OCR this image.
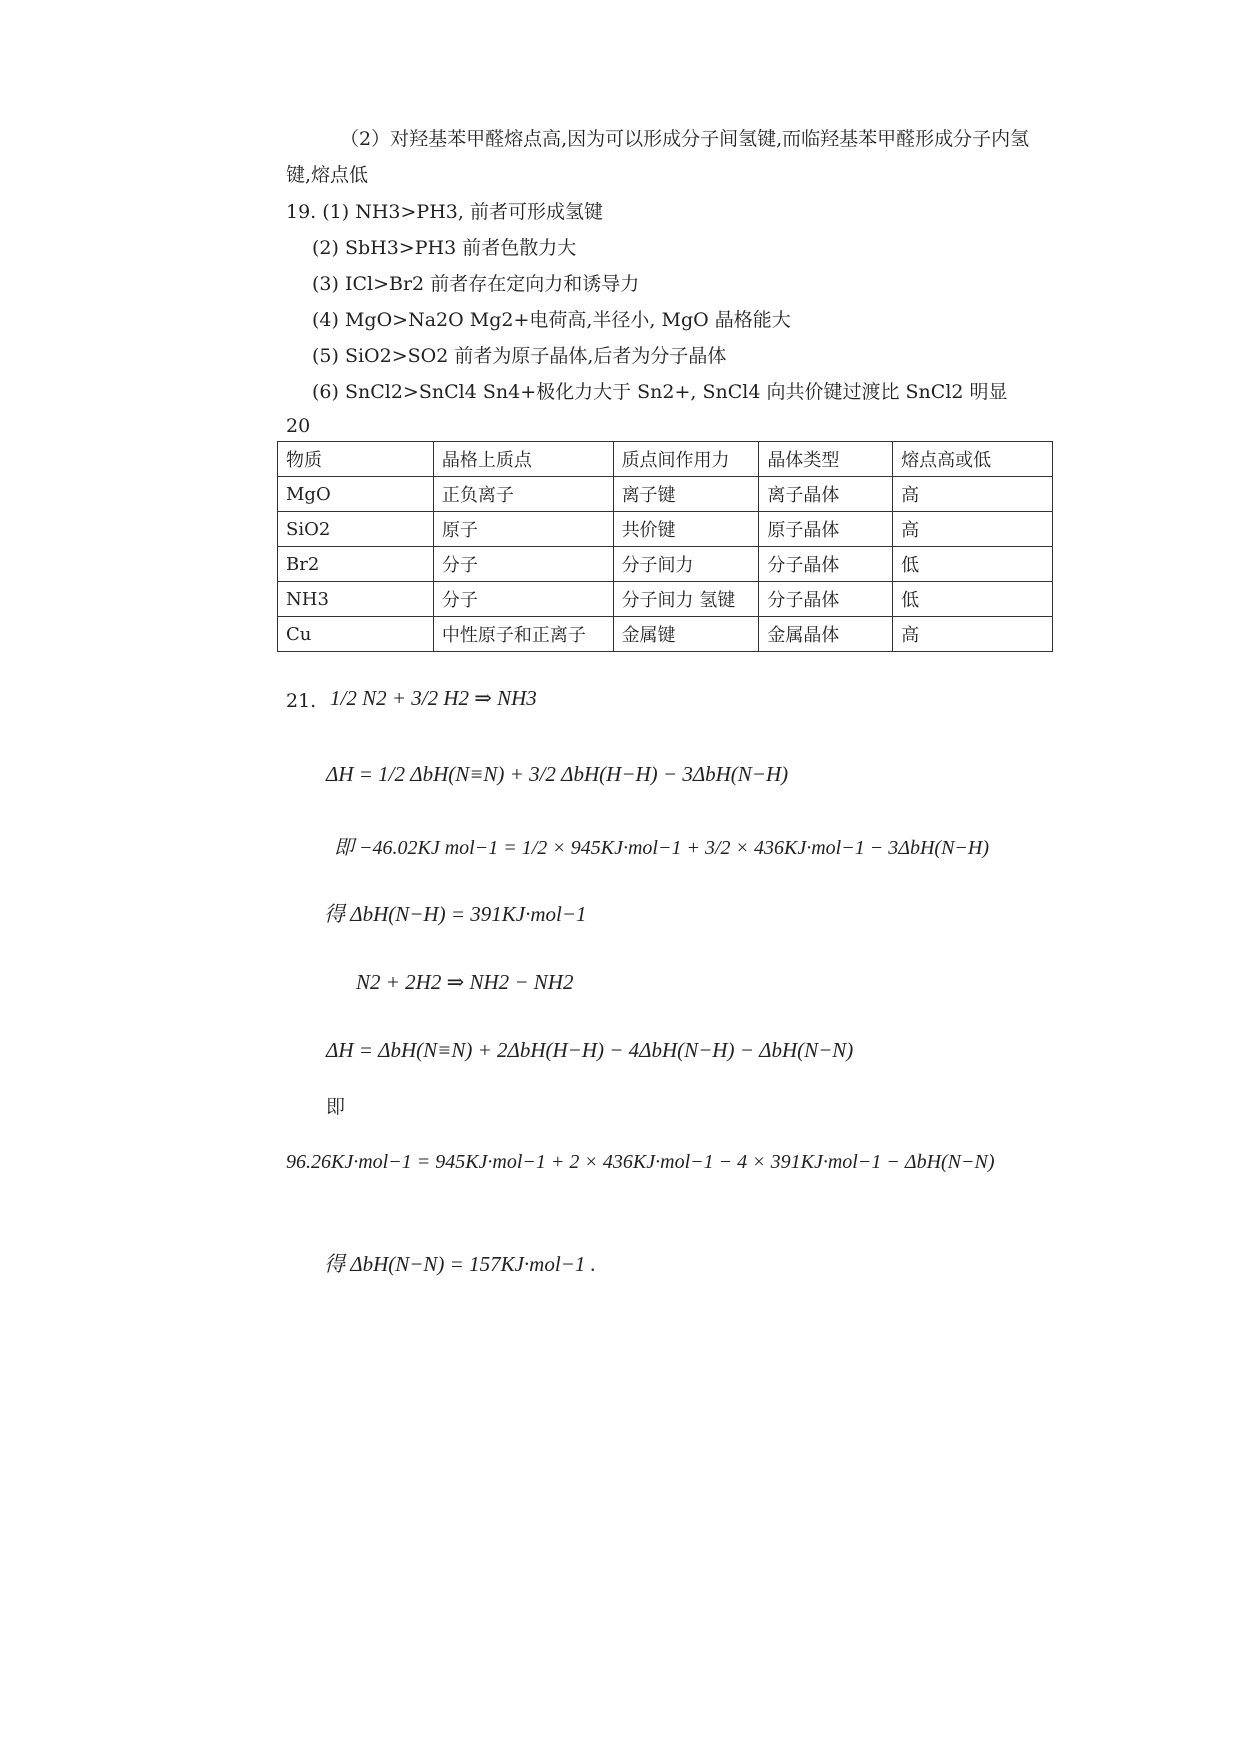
（2）对羟基苯甲醛熔点高,因为可以形成分子间氢键,而临羟基苯甲醛形成分子内氢
键,熔点低
19. (1) NH3>PH3, 前者可形成氢键
(2) SbH3>PH3 前者色散力大
(3) ICl>Br2 前者存在定向力和诱导力
(4) MgO>Na2O Mg2+电荷高,半径小, MgO 晶格能大
(5) SiO2>SO2 前者为原子晶体,后者为分子晶体
(6) SnCl2>SnCl4 Sn4+极化力大于 Sn2+, SnCl4 向共价键过渡比 SnCl2 明显
20
物质	晶格上质点	质点间作用力	晶体类型	熔点高或低
MgO	正负离子	离子键	离子晶体	高
SiO2	原子	共价键	原子晶体	高
Br2	分子	分子间力	分子晶体	低
NH3	分子	分子间力 氢键	分子晶体	低
Cu	中性原子和正离子	金属键	金属晶体	高
21. 1/2 N2 + 3/2 H2 ⇒ NH3
ΔH = 1/2 ΔbH(N≡N) + 3/2 ΔbH(H−H) − 3ΔbH(N−H)
即 −46.02KJ mol−1 = 1/2 × 945KJ·mol−1 + 3/2 × 436KJ·mol−1 − 3ΔbH(N−H)
得 ΔbH(N−H) = 391KJ·mol−1
N2 + 2H2 ⇒ NH2 − NH2
ΔH = ΔbH(N≡N) + 2ΔbH(H−H) − 4ΔbH(N−H) − ΔbH(N−N)
即
96.26KJ·mol−1 = 945KJ·mol−1 + 2 × 436KJ·mol−1 − 4 × 391KJ·mol−1 − ΔbH(N−N)
得 ΔbH(N−N) = 157KJ·mol−1 .
